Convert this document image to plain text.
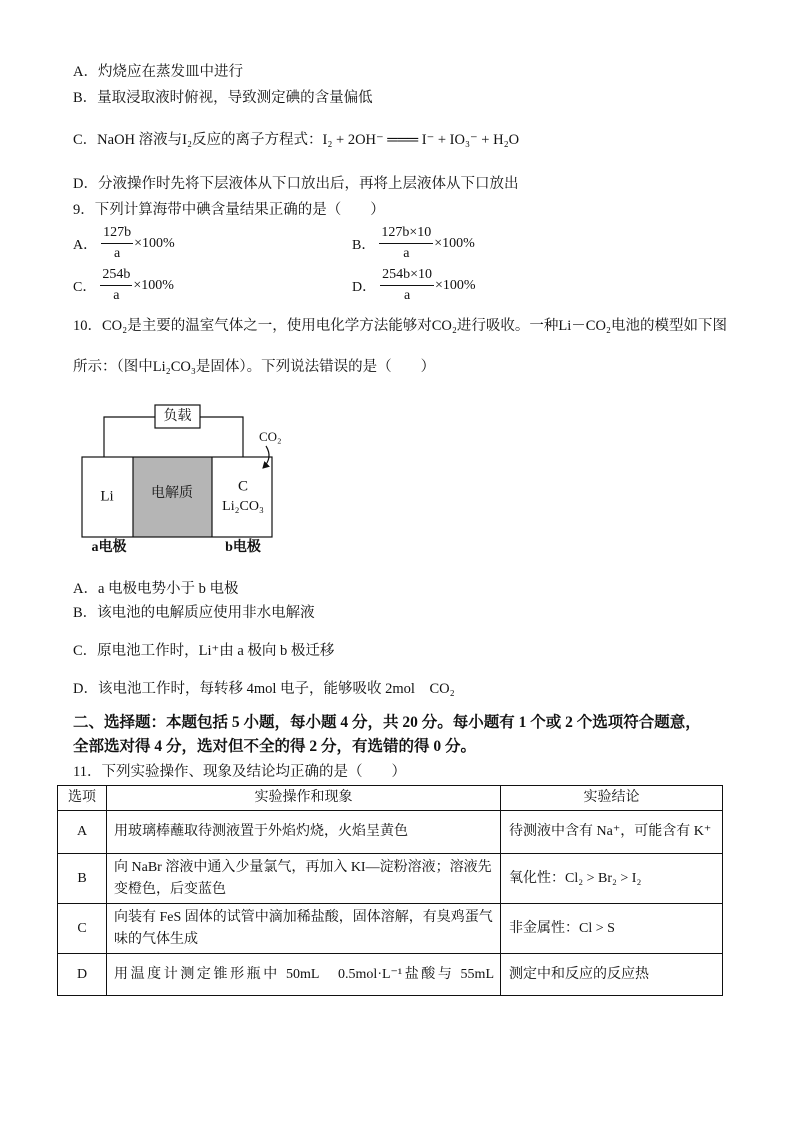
A．灼烧应在蒸发皿中进行
B．量取浸取液时俯视，导致测定碘的含量偏低
C．NaOH 溶液与I₂反应的离子方程式：I₂ + 2OH⁻ ═══ I⁻ + IO₃⁻ + H₂O
D．分液操作时先将下层液体从下口放出后，再将上层液体从下口放出
9．下列计算海带中碘含量结果正确的是（　　）
A． $\frac{127b}{a} \times 100\%$	B． $\frac{127b\times 10}{a} \times 100\%$
C． $\frac{254b}{a} \times 100\%$	D． $\frac{254b\times 10}{a} \times 100\%$
10．CO₂是主要的温室气体之一，使用电化学方法能够对CO₂进行吸收。一种Li－CO₂电池的模型如下图
所示：（图中Li₂CO₃是固体）。下列说法错误的是（　　）
负载
Li	电解质	C
Li₂CO₃
CO₂
a电极	b电极
A．a 电极电势小于 b 电极
B．该电池的电解质应使用非水电解液
C．原电池工作时，Li⁺由 a 极向 b 极迁移
D．该电池工作时，每转移 4mol 电子，能够吸收 2mol　CO₂
二、选择题：本题包括 5 小题，每小题 4 分，共 20 分。每小题有 1 个或 2 个选项符合题意，
全部选对得 4 分，选对但不全的得 2 分，有选错的得 0 分。
11．下列实验操作、现象及结论均正确的是（　　）
选项	实验操作和现象	实验结论
A	用玻璃棒蘸取待测液置于外焰灼烧，火焰呈黄色	待测液中含有 Na⁺，可能含有 K⁺
B	向 NaBr 溶液中通入少量氯气，再加入 KI—淀粉溶液；溶液先变橙色，后变蓝色	氧化性：Cl₂ > Br₂ > I₂
C	向装有 FeS 固体的试管中滴加稀盐酸，固体溶解，有臭鸡蛋气味的气体生成	非金属性：Cl > S
D	用温度计测定锥形瓶中 50mL　0.5mol·L⁻¹盐酸与 55mL	测定中和反应的反应热
